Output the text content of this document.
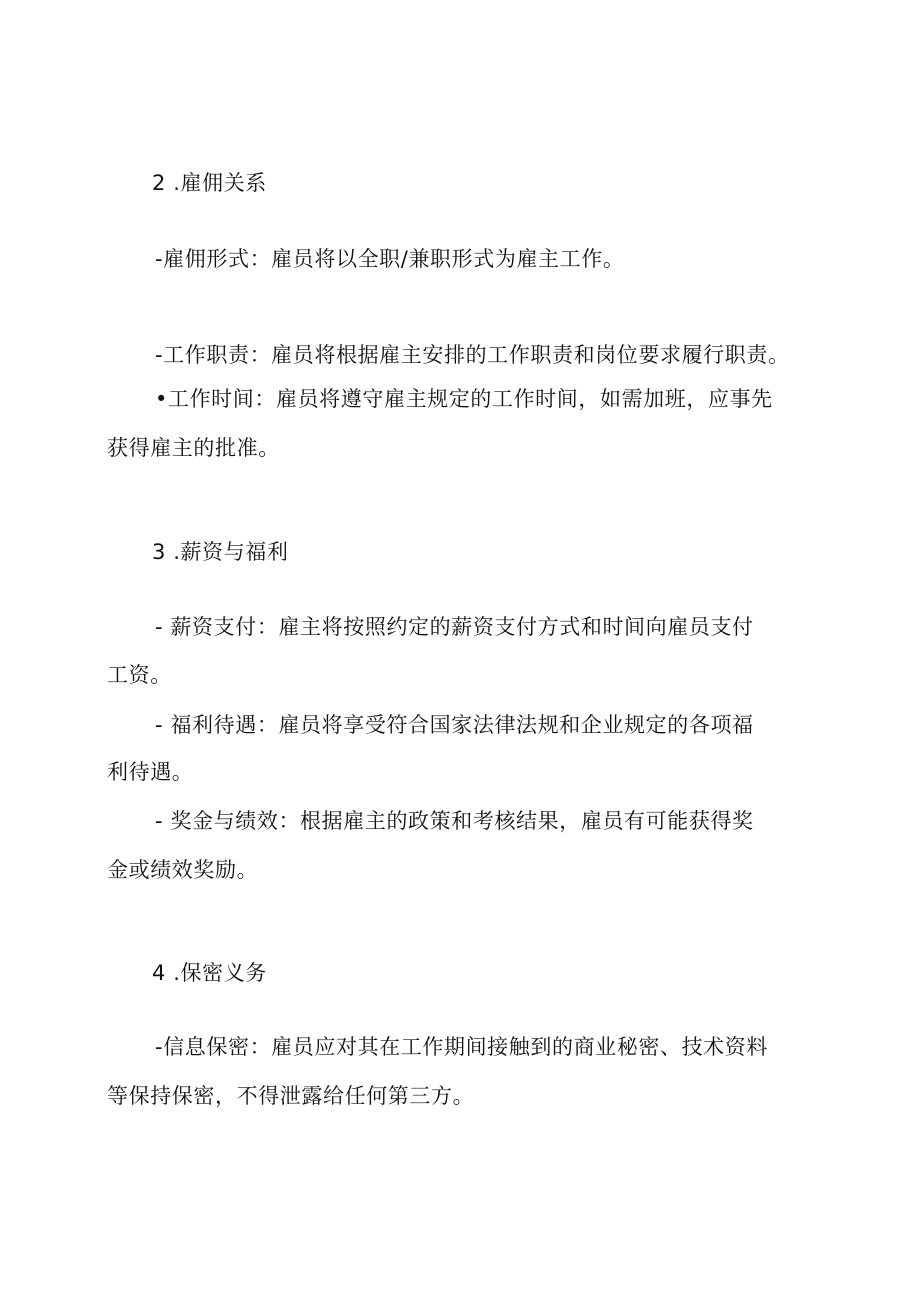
2 .雇佣关系
-雇佣形式：雇员将以全职/兼职形式为雇主工作。
-工作职责：雇员将根据雇主安排的工作职责和岗位要求履行职责。
•工作时间：雇员将遵守雇主规定的工作时间，如需加班，应事先
获得雇主的批准。
3 .薪资与福利
- 薪资支付：雇主将按照约定的薪资支付方式和时间向雇员支付
工资。
- 福利待遇：雇员将享受符合国家法律法规和企业规定的各项福
利待遇。
- 奖金与绩效：根据雇主的政策和考核结果，雇员有可能获得奖
金或绩效奖励。
4 .保密义务
-信息保密：雇员应对其在工作期间接触到的商业秘密、技术资料
等保持保密，不得泄露给任何第三方。
